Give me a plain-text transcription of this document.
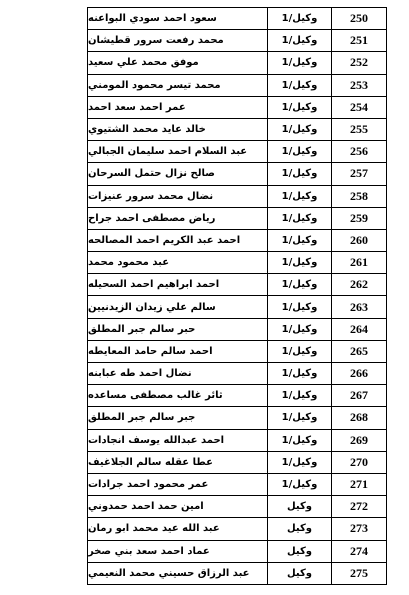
سعود احمد سودي البواعنه	وكيل/1	250
محمد رفعت سرور قطيشان	وكيل/1	251
موفق محمد علي سعيد	وكيل/1	252
محمد تيسر محمود المومني	وكيل/1	253
عمر احمد سعد احمد	وكيل/1	254
خالد عايد محمد الشتيوي	وكيل/1	255
عبد السلام احمد سليمان الجبالي	وكيل/1	256
صالح نزال حتمل السرحان	وكيل/1	257
نضال محمد سرور عنيزات	وكيل/1	258
رياض مصطفى احمد جراح	وكيل/1	259
احمد عبد الكريم احمد المصالحه	وكيل/1	260
عبد محمود محمد	وكيل/1	261
احمد ابراهيم احمد السحيله	وكيل/1	262
سالم علي زيدان الزيدنيين	وكيل/1	263
حبر سالم جبر المطلق	وكيل/1	264
احمد سالم حامد المعايطه	وكيل/1	265
نضال احمد طه عبابنه	وكيل/1	266
ثائر غالب مصطفى مساعده	وكيل/1	267
جبر سالم جبر المطلق	وكيل/1	268
احمد عبدالله يوسف انجادات	وكيل/1	269
عطا عقله سالم الجلاغيف	وكيل/1	270
عمر محمود احمد جرادات	وكيل/1	271
امين حمد احمد حمدوني	وكيل	272
عبد الله عيد محمد ابو رمان	وكيل	273
عماد احمد سعد بني صخر	وكيل	274
عبد الرزاق حسيني محمد النعيمي	وكيل	275
